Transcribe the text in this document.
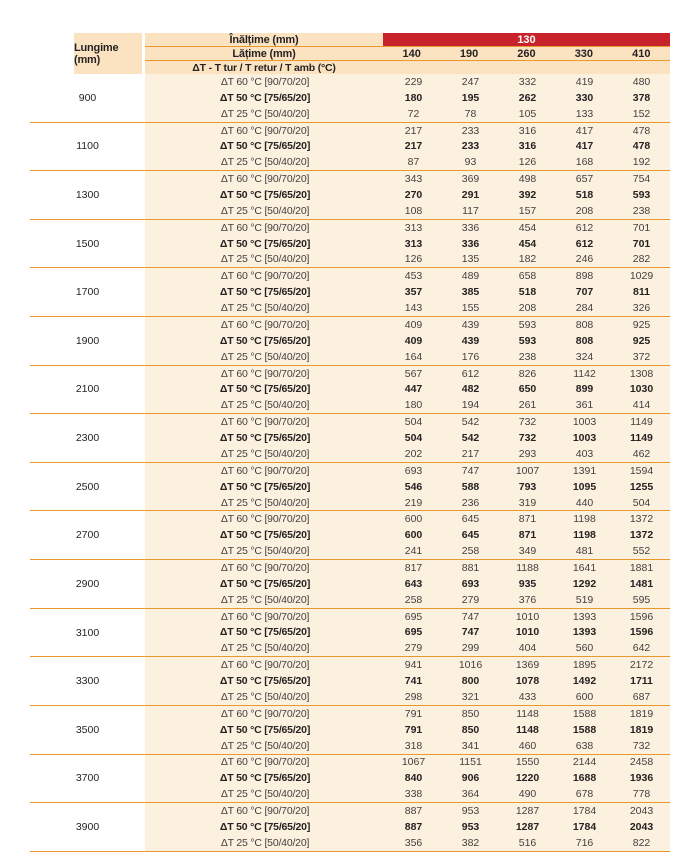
Lungime (mm)
Înălțime (mm)	130
Lățime (mm)	140	190	260	330	410
ΔT - T tur / T retur / T amb (°C)
900
ΔT 60 °C [90/70/20]	229	247	332	419	480
ΔT 50 °C [75/65/20]	180	195	262	330	378
ΔT 25 °C [50/40/20]	72	78	105	133	152
1100
ΔT 60 °C [90/70/20]	217	233	316	417	478
ΔT 50 °C [75/65/20]	217	233	316	417	478
ΔT 25 °C [50/40/20]	87	93	126	168	192
1300
ΔT 60 °C [90/70/20]	343	369	498	657	754
ΔT 50 °C [75/65/20]	270	291	392	518	593
ΔT 25 °C [50/40/20]	108	117	157	208	238
1500
ΔT 60 °C [90/70/20]	313	336	454	612	701
ΔT 50 °C [75/65/20]	313	336	454	612	701
ΔT 25 °C [50/40/20]	126	135	182	246	282
1700
ΔT 60 °C [90/70/20]	453	489	658	898	1029
ΔT 50 °C [75/65/20]	357	385	518	707	811
ΔT 25 °C [50/40/20]	143	155	208	284	326
1900
ΔT 60 °C [90/70/20]	409	439	593	808	925
ΔT 50 °C [75/65/20]	409	439	593	808	925
ΔT 25 °C [50/40/20]	164	176	238	324	372
2100
ΔT 60 °C [90/70/20]	567	612	826	1142	1308
ΔT 50 °C [75/65/20]	447	482	650	899	1030
ΔT 25 °C [50/40/20]	180	194	261	361	414
2300
ΔT 60 °C [90/70/20]	504	542	732	1003	1149
ΔT 50 °C [75/65/20]	504	542	732	1003	1149
ΔT 25 °C [50/40/20]	202	217	293	403	462
2500
ΔT 60 °C [90/70/20]	693	747	1007	1391	1594
ΔT 50 °C [75/65/20]	546	588	793	1095	1255
ΔT 25 °C [50/40/20]	219	236	319	440	504
2700
ΔT 60 °C [90/70/20]	600	645	871	1198	1372
ΔT 50 °C [75/65/20]	600	645	871	1198	1372
ΔT 25 °C [50/40/20]	241	258	349	481	552
2900
ΔT 60 °C [90/70/20]	817	881	1188	1641	1881
ΔT 50 °C [75/65/20]	643	693	935	1292	1481
ΔT 25 °C [50/40/20]	258	279	376	519	595
3100
ΔT 60 °C [90/70/20]	695	747	1010	1393	1596
ΔT 50 °C [75/65/20]	695	747	1010	1393	1596
ΔT 25 °C [50/40/20]	279	299	404	560	642
3300
ΔT 60 °C [90/70/20]	941	1016	1369	1895	2172
ΔT 50 °C [75/65/20]	741	800	1078	1492	1711
ΔT 25 °C [50/40/20]	298	321	433	600	687
3500
ΔT 60 °C [90/70/20]	791	850	1148	1588	1819
ΔT 50 °C [75/65/20]	791	850	1148	1588	1819
ΔT 25 °C [50/40/20]	318	341	460	638	732
3700
ΔT 60 °C [90/70/20]	1067	1151	1550	2144	2458
ΔT 50 °C [75/65/20]	840	906	1220	1688	1936
ΔT 25 °C [50/40/20]	338	364	490	678	778
3900
ΔT 60 °C [90/70/20]	887	953	1287	1784	2043
ΔT 50 °C [75/65/20]	887	953	1287	1784	2043
ΔT 25 °C [50/40/20]	356	382	516	716	822
